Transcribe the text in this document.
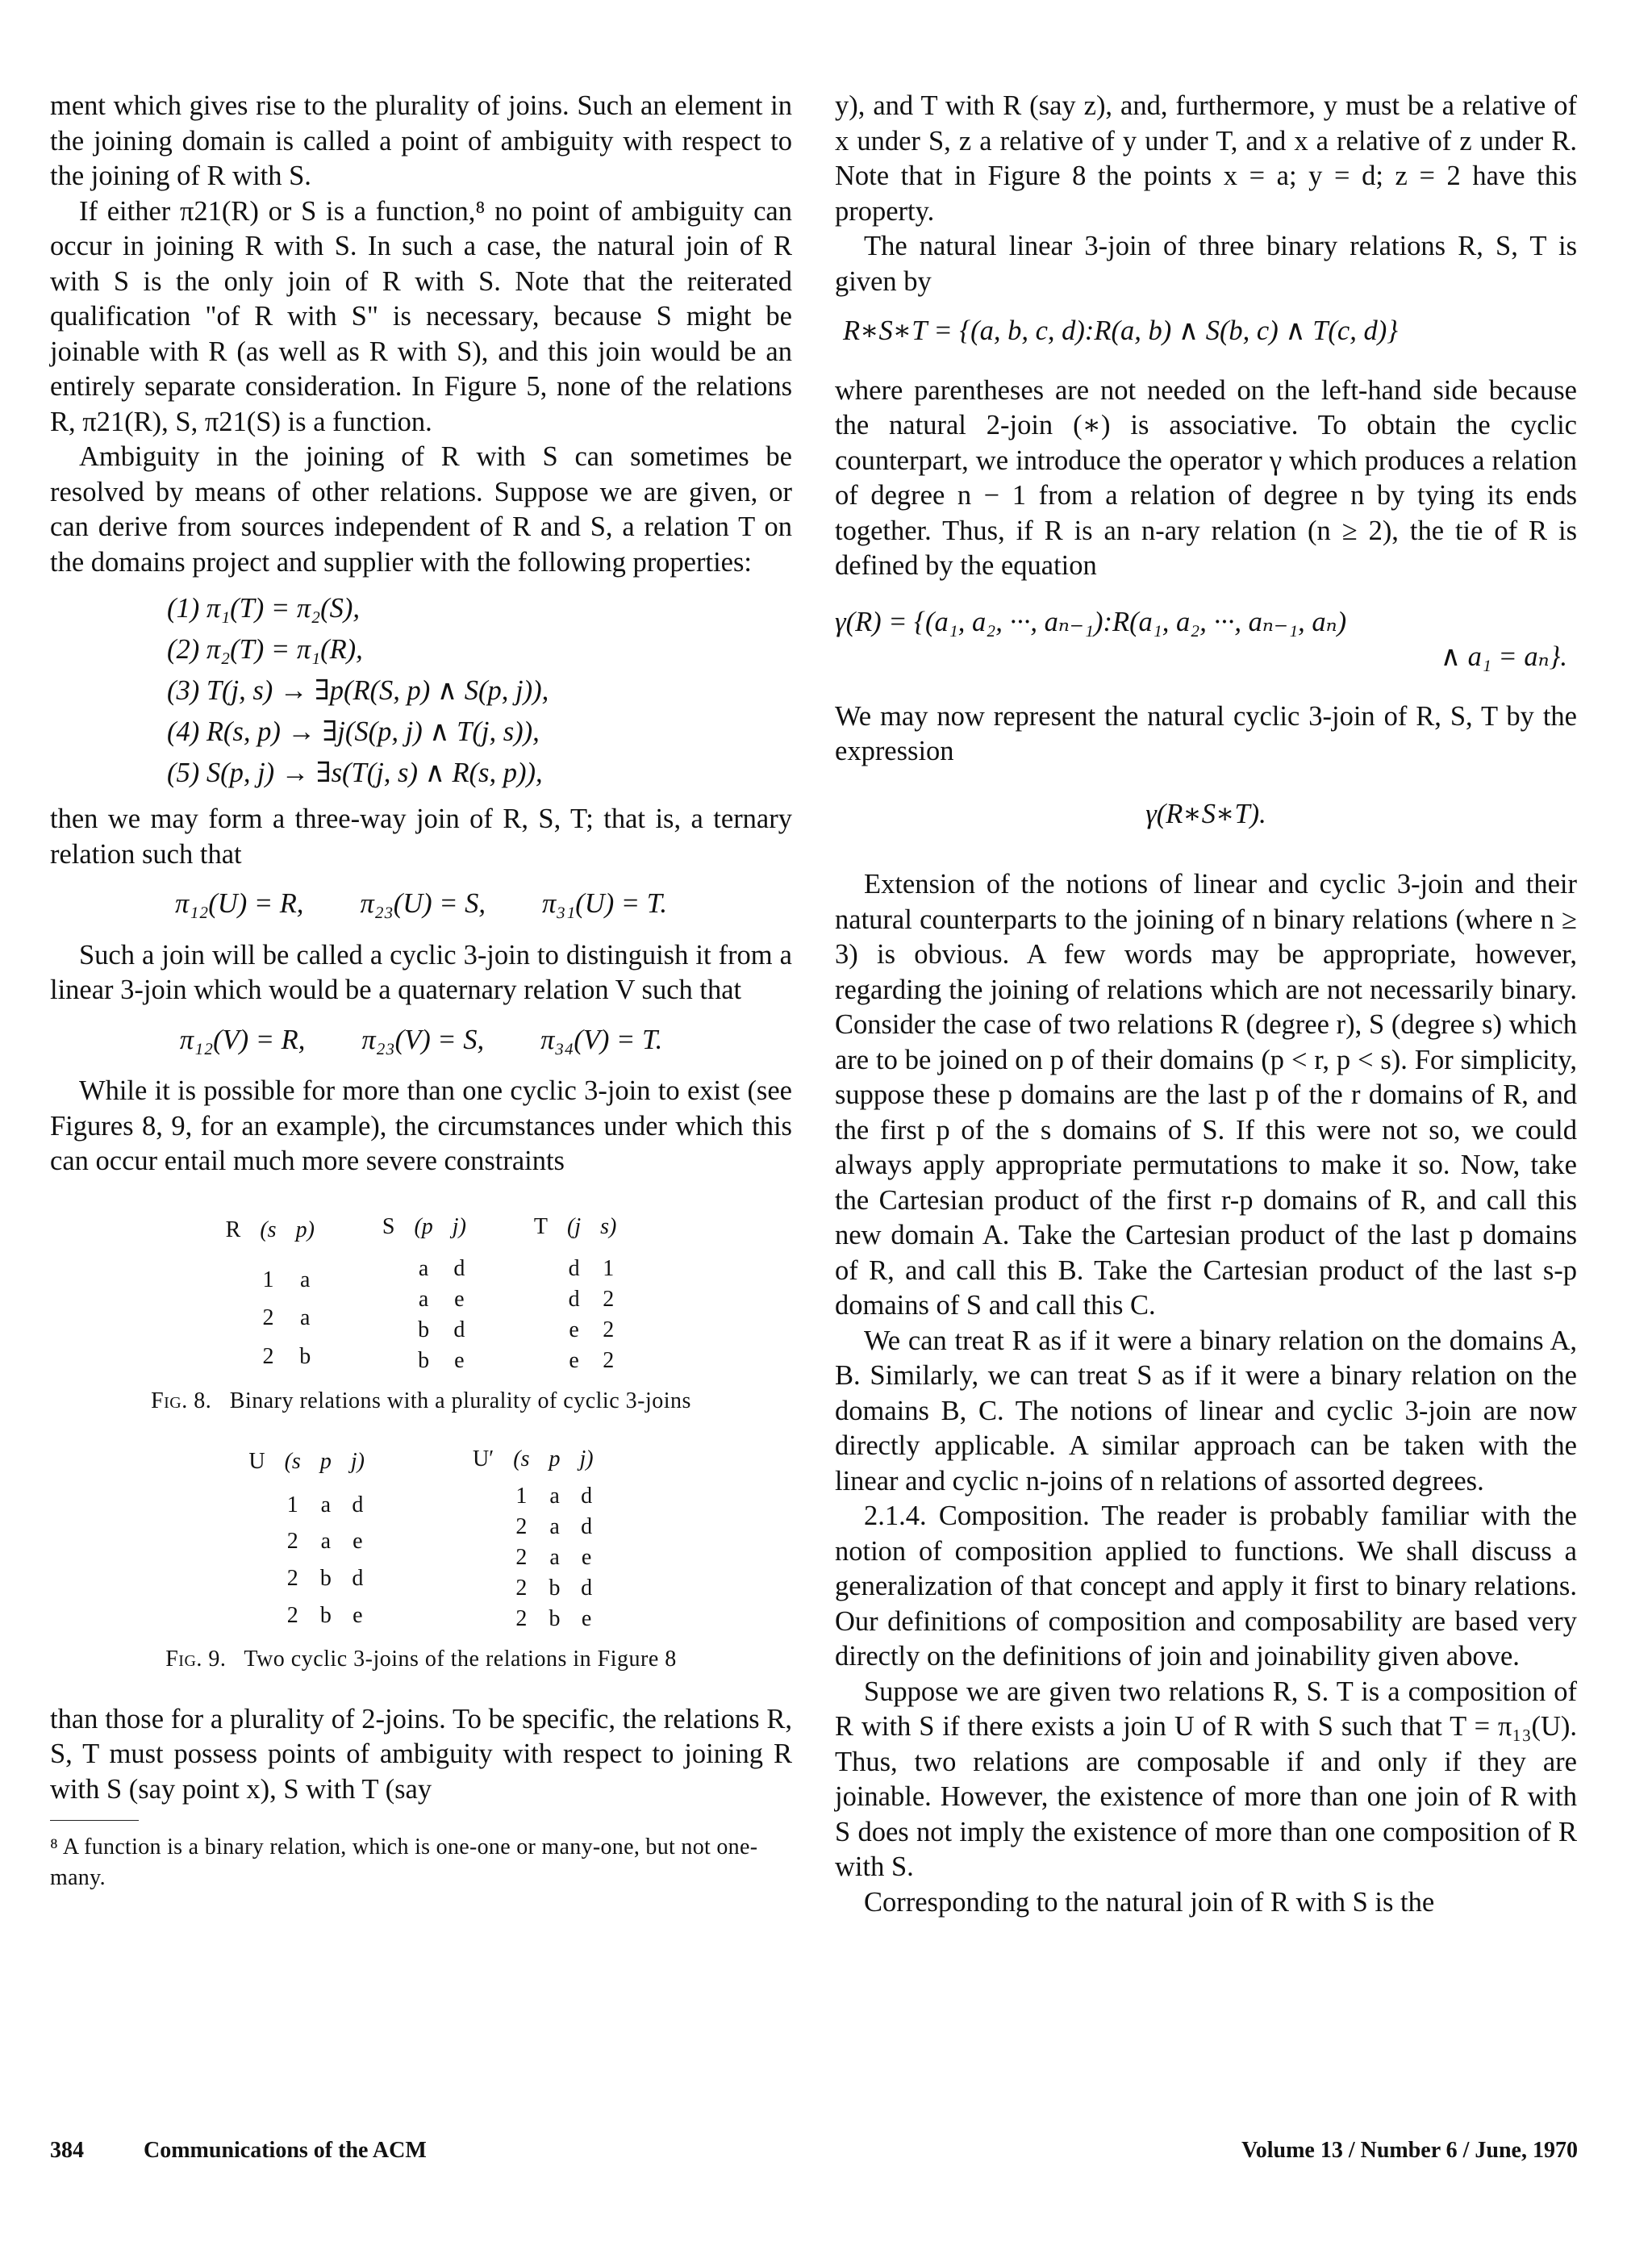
ment which gives rise to the plurality of joins. Such an element in the joining domain is called a point of ambiguity with respect to the joining of R with S.

If either π21(R) or S is a function,⁸ no point of ambiguity can occur in joining R with S. In such a case, the natural join of R with S is the only join of R with S. Note that the reiterated qualification "of R with S" is necessary, because S might be joinable with R (as well as R with S), and this join would be an entirely separate consideration. In Figure 5, none of the relations R, π21(R), S, π21(S) is a function.

Ambiguity in the joining of R with S can sometimes be resolved by means of other relations. Suppose we are given, or can derive from sources independent of R and S, a relation T on the domains project and supplier with the following properties:

(1) π₁(T) = π₂(S),
(2) π₂(T) = π₁(R),
(3) T(j, s) → ∃p(R(S, p) ∧ S(p, j)),
(4) R(s, p) → ∃j(S(p, j) ∧ T(j, s)),
(5) S(p, j) → ∃s(T(j, s) ∧ R(s, p)),

then we may form a three-way join of R, S, T; that is, a ternary relation such that

π₁₂(U) = R, π₂₃(U) = S, π₃₁(U) = T.

Such a join will be called a cyclic 3-join to distinguish it from a linear 3-join which would be a quaternary relation V such that

π₁₂(V) = R, π₂₃(V) = S, π₃₄(V) = T.

While it is possible for more than one cyclic 3-join to exist (see Figures 8, 9, for an example), the circumstances under which this can occur entail much more severe constraints

R	(s	p)

	1	a
	2	a
	2	b
S	(p	j)

	a	d
	a	e
	b	d
	b	e
T	(j	s)

	d	1
	d	2
	e	2
	e	2

Fig. 8. Binary relations with a plurality of cyclic 3-joins

U	(s	p	j)

	1	a	d
	2	a	e
	2	b	d
	2	b	e
U′	(s	p	j)

	1	a	d
	2	a	d
	2	a	e
	2	b	d
	2	b	e

Fig. 9. Two cyclic 3-joins of the relations in Figure 8

than those for a plurality of 2-joins. To be specific, the relations R, S, T must possess points of ambiguity with respect to joining R with S (say point x), S with T (say

⁸ A function is a binary relation, which is one-one or many-one, but not one-many.

y), and T with R (say z), and, furthermore, y must be a relative of x under S, z a relative of y under T, and x a relative of z under R. Note that in Figure 8 the points x = a; y = d; z = 2 have this property.

The natural linear 3-join of three binary relations R, S, T is given by

R∗S∗T = {(a, b, c, d):R(a, b) ∧ S(b, c) ∧ T(c, d)}

where parentheses are not needed on the left-hand side because the natural 2-join (∗) is associative. To obtain the cyclic counterpart, we introduce the operator γ which produces a relation of degree n − 1 from a relation of degree n by tying its ends together. Thus, if R is an n-ary relation (n ≥ 2), the tie of R is defined by the equation

γ(R) = {(a₁, a₂, ···, aₙ₋₁):R(a₁, a₂, ···, aₙ₋₁, aₙ)
∧ a₁ = aₙ}.

We may now represent the natural cyclic 3-join of R, S, T by the expression

γ(R∗S∗T).

Extension of the notions of linear and cyclic 3-join and their natural counterparts to the joining of n binary relations (where n ≥ 3) is obvious. A few words may be appropriate, however, regarding the joining of relations which are not necessarily binary. Consider the case of two relations R (degree r), S (degree s) which are to be joined on p of their domains (p < r, p < s). For simplicity, suppose these p domains are the last p of the r domains of R, and the first p of the s domains of S. If this were not so, we could always apply appropriate permutations to make it so. Now, take the Cartesian product of the first r-p domains of R, and call this new domain A. Take the Cartesian product of the last p domains of R, and call this B. Take the Cartesian product of the last s-p domains of S and call this C.

We can treat R as if it were a binary relation on the domains A, B. Similarly, we can treat S as if it were a binary relation on the domains B, C. The notions of linear and cyclic 3-join are now directly applicable. A similar approach can be taken with the linear and cyclic n-joins of n relations of assorted degrees.

2.1.4. Composition. The reader is probably familiar with the notion of composition applied to functions. We shall discuss a generalization of that concept and apply it first to binary relations. Our definitions of composition and composability are based very directly on the definitions of join and joinability given above.

Suppose we are given two relations R, S. T is a composition of R with S if there exists a join U of R with S such that T = π₁₃(U). Thus, two relations are composable if and only if they are joinable. However, the existence of more than one join of R with S does not imply the existence of more than one composition of R with S.

Corresponding to the natural join of R with S is the

384	Communications of the ACM	Volume 13 / Number 6 / June, 1970
